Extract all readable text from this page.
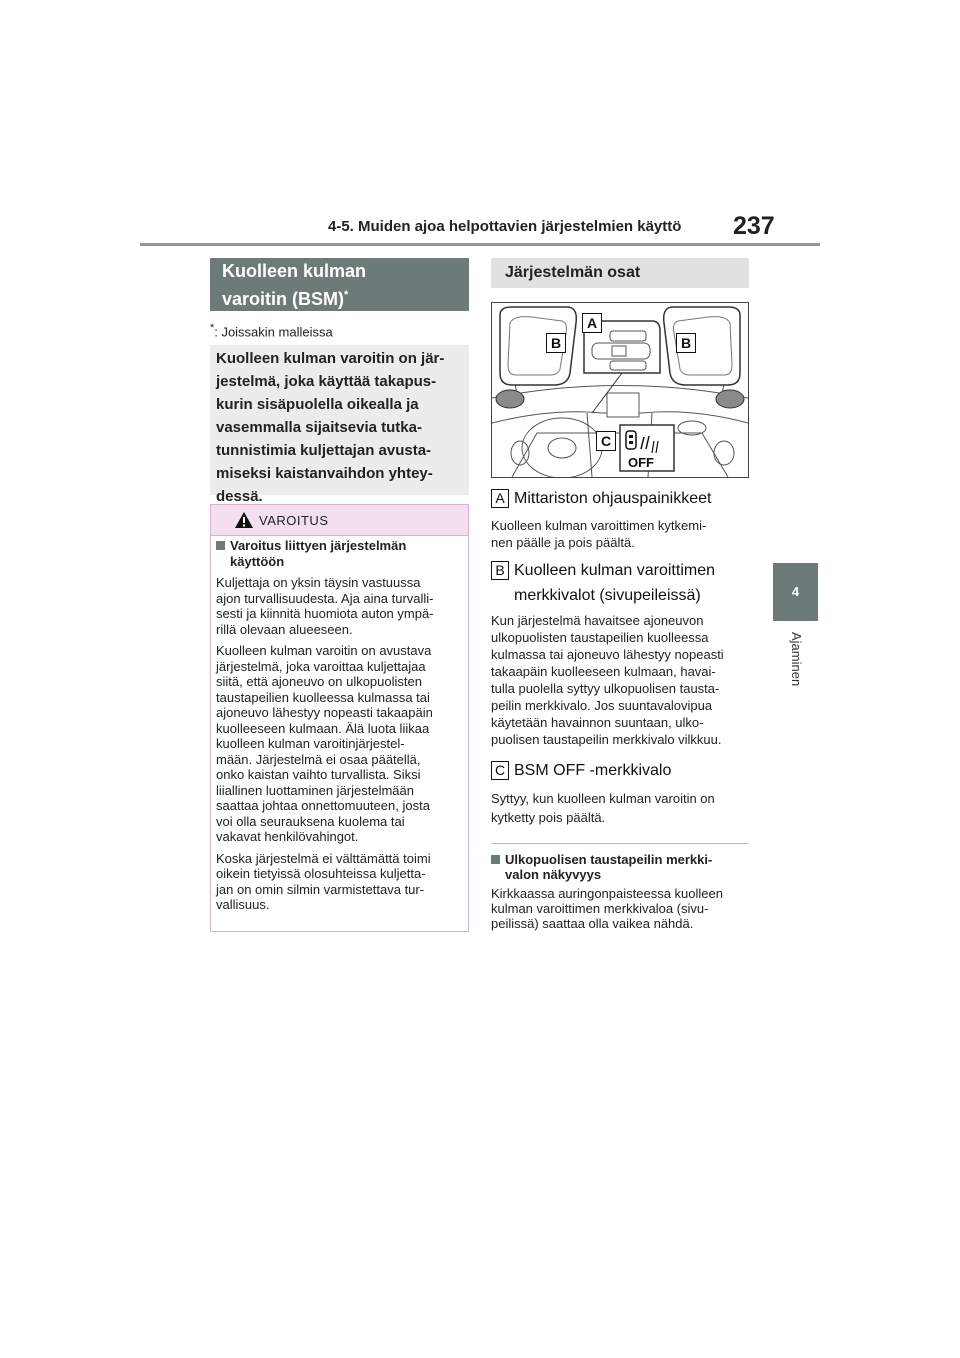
4-5. Muiden ajoa helpottavien järjestelmien käyttö 237
4
Ajaminen
Kuolleen kulman
varoitin (BSM)*
*: Joissakin malleissa
Kuolleen kulman varoitin on jär-
jestelmä, joka käyttää takapus-
kurin sisäpuolella oikealla ja
vasemmalla sijaitsevia tutka-
tunnistimia kuljettajan avusta-
miseksi kaistanvaihdon yhtey-
dessä.
VAROITUS
Varoitus liittyen järjestelmän
käyttöön

Kuljettaja on yksin täysin vastuussa
ajon turvallisuudesta. Aja aina turvalli-
sesti ja kiinnitä huomiota auton ympä-
rillä olevaan alueeseen.

Kuolleen kulman varoitin on avustava
järjestelmä, joka varoittaa kuljettajaa
siitä, että ajoneuvo on ulkopuolisten
taustapeilien kuolleessa kulmassa tai
ajoneuvo lähestyy nopeasti takaapäin
kuolleeseen kulmaan. Älä luota liikaa
kuolleen kulman varoitinjärjestel-
mään. Järjestelmä ei osaa päätellä,
onko kaistan vaihto turvallista. Siksi
liiallinen luottaminen järjestelmään
saattaa johtaa onnettomuuteen, josta
voi olla seurauksena kuolema tai
vakavat henkilövahingot.

Koska järjestelmä ei välttämättä toimi
oikein tietyissä olosuhteissa kuljetta-
jan on omin silmin varmistettava tur-
vallisuus.

Järjestelmän osat
OFF
A
B	B
C
A Mittariston ohjauspainikkeet
Kuolleen kulman varoittimen kytkemi-
nen päälle ja pois päältä.
B Kuolleen kulman varoittimen
merkkivalot (sivupeileissä)
Kun järjestelmä havaitsee ajoneuvon
ulkopuolisten taustapeilien kuolleessa
kulmassa tai ajoneuvo lähestyy nopeasti
takaapäin kuolleeseen kulmaan, havai-
tulla puolella syttyy ulkopuolisen tausta-
peilin merkkivalo. Jos suuntavalovipua
käytetään havainnon suuntaan, ulko-
puolisen taustapeilin merkkivalo vilkkuu.
C BSM OFF -merkkivalo
Syttyy, kun kuolleen kulman varoitin on
kytketty pois päältä.
Ulkopuolisen taustapeilin merkki-
valon näkyvyys
Kirkkaassa auringonpaisteessa kuolleen
kulman varoittimen merkkivaloa (sivu-
peilissä) saattaa olla vaikea nähdä.
